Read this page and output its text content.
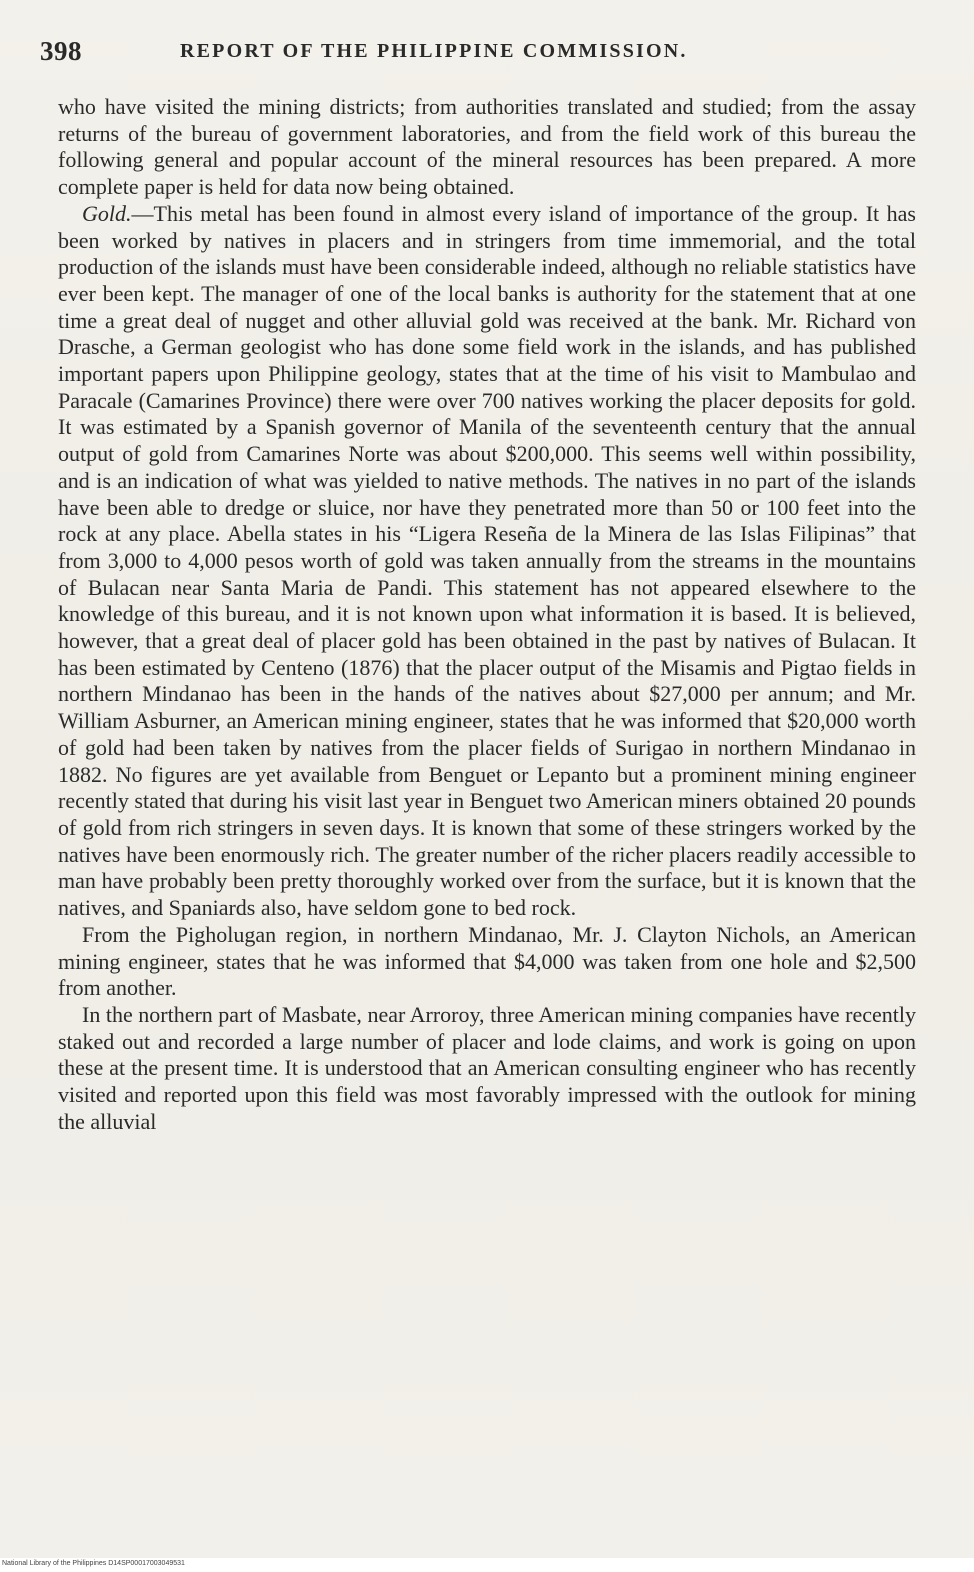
398	REPORT OF THE PHILIPPINE COMMISSION.

who have visited the mining districts; from authorities translated and studied; from the assay returns of the bureau of government laboratories, and from the field work of this bureau the following general and popular account of the mineral resources has been prepared. A more complete paper is held for data now being obtained.

Gold.—This metal has been found in almost every island of importance of the group. It has been worked by natives in placers and in stringers from time immemorial, and the total production of the islands must have been considerable indeed, although no reliable statistics have ever been kept. The manager of one of the local banks is authority for the statement that at one time a great deal of nugget and other alluvial gold was received at the bank. Mr. Richard von Drasche, a German geologist who has done some field work in the islands, and has published important papers upon Philippine geology, states that at the time of his visit to Mambulao and Paracale (Camarines Province) there were over 700 natives working the placer deposits for gold. It was estimated by a Spanish governor of Manila of the seventeenth century that the annual output of gold from Camarines Norte was about $200,000. This seems well within possibility, and is an indication of what was yielded to native methods. The natives in no part of the islands have been able to dredge or sluice, nor have they penetrated more than 50 or 100 feet into the rock at any place. Abella states in his “Ligera Reseña de la Minera de las Islas Filipinas” that from 3,000 to 4,000 pesos worth of gold was taken annually from the streams in the mountains of Bulacan near Santa Maria de Pandi. This statement has not appeared elsewhere to the knowledge of this bureau, and it is not known upon what information it is based. It is believed, however, that a great deal of placer gold has been obtained in the past by natives of Bulacan. It has been estimated by Centeno (1876) that the placer output of the Misamis and Pigtao fields in northern Mindanao has been in the hands of the natives about $27,000 per annum; and Mr. William Asburner, an American mining engineer, states that he was informed that $20,000 worth of gold had been taken by natives from the placer fields of Surigao in northern Mindanao in 1882. No figures are yet available from Benguet or Lepanto but a prominent mining engineer recently stated that during his visit last year in Benguet two American miners obtained 20 pounds of gold from rich stringers in seven days. It is known that some of these stringers worked by the natives have been enormously rich. The greater number of the richer placers readily accessible to man have probably been pretty thoroughly worked over from the surface, but it is known that the natives, and Spaniards also, have seldom gone to bed rock.

From the Pigholugan region, in northern Mindanao, Mr. J. Clayton Nichols, an American mining engineer, states that he was informed that $4,000 was taken from one hole and $2,500 from another.

In the northern part of Masbate, near Arroroy, three American mining companies have recently staked out and recorded a large number of placer and lode claims, and work is going on upon these at the present time. It is understood that an American consulting engineer who has recently visited and reported upon this field was most favorably impressed with the outlook for mining the alluvial

National Library of the Philippines D14SP00017003049531
